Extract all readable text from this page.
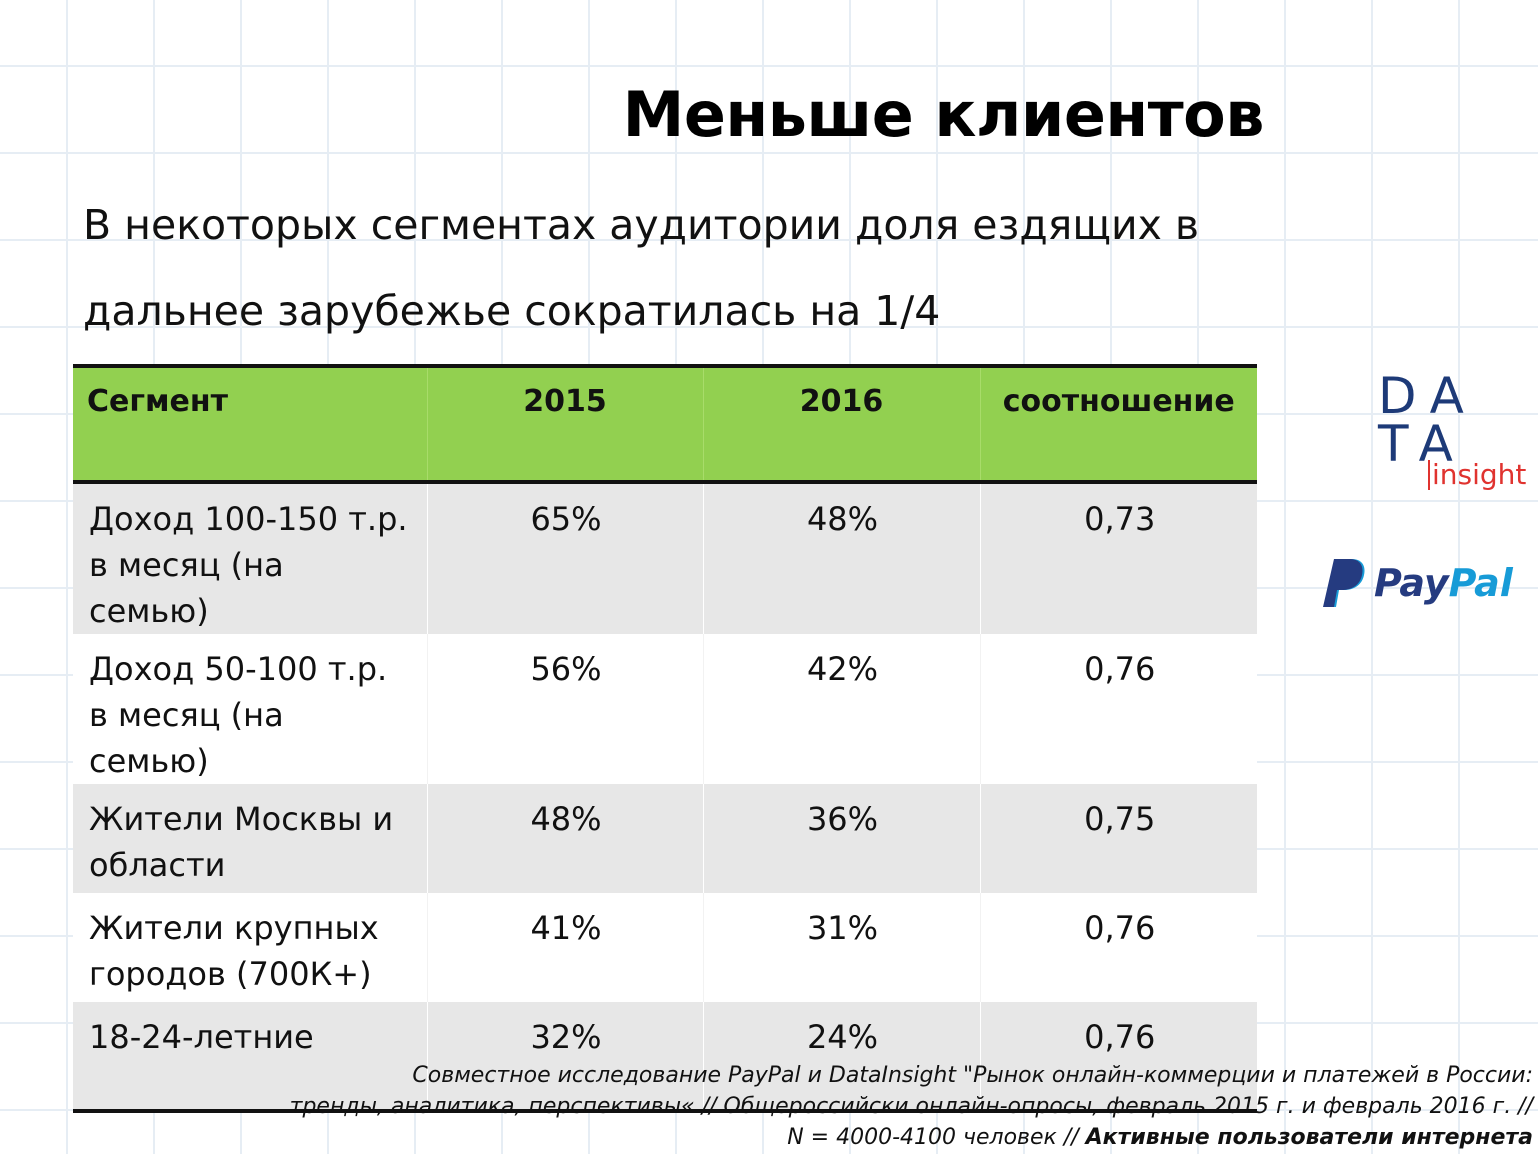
Меньше клиентов

В некоторых сегментах аудитории доля ездящих в дальнее зарубежье сократилась на 1/4

Сегмент	2015	2016	соотношение
Доход 100-150 т.р. в месяц (на семью)	65%	48%	0,73
Доход 50-100 т.р. в месяц (на семью)	56%	42%	0,76
Жители Москвы и области	48%	36%	0,75
Жители крупных городов (700К+)	41%	31%	0,76
18-24-летние	32%	24%	0,76
DA
TA
insight
PayPal
Совместное исследование PayPal и DataInsight "Рынок онлайн-коммерции и платежей в России:
тренды, аналитика, перспективы« // Общероссийски онлайн-опросы, февраль 2015 г. и февраль 2016 г. //
N = 4000-4100 человек // Активные пользователи интернета
